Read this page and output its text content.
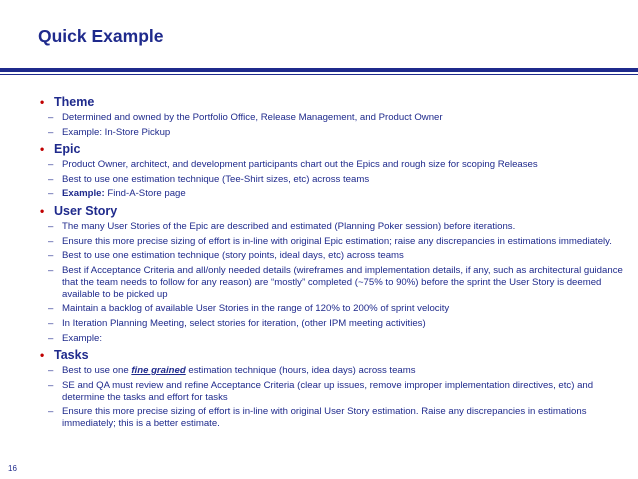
Quick Example
• Theme
– Determined and owned by the Portfolio Office, Release Management, and Product Owner
– Example: In-Store Pickup
• Epic
– Product Owner, architect, and development participants chart out the Epics and rough size for scoping Releases
– Best to use one estimation technique (Tee-Shirt sizes, etc) across teams
– Example: Find-A-Store page
• User Story
– The many User Stories of the Epic are described and estimated (Planning Poker session) before iterations.
– Ensure this more precise sizing of effort is in-line with original Epic estimation; raise any discrepancies in estimations immediately.
– Best to use one estimation technique (story points, ideal days, etc) across teams
– Best if Acceptance Criteria and all/only needed details (wireframes and implementation details, if any, such as architectural guidance that the team needs to follow for any reason) are “mostly” completed (~75% to 90%) before the sprint the User Story is deemed available to be picked up
– Maintain a backlog of available User Stories in the range of 120% to 200% of sprint velocity
– In Iteration Planning Meeting, select stories for iteration, (other IPM meeting activities)
– Example:
• Tasks
– Best to use one fine grained estimation technique (hours, idea days) across teams
– SE and QA must review and refine Acceptance Criteria (clear up issues, remove improper implementation directives, etc) and determine the tasks and effort for tasks
– Ensure this more precise sizing of effort is in-line with original User Story estimation. Raise any discrepancies in estimations immediately; this is a better estimate.
16
